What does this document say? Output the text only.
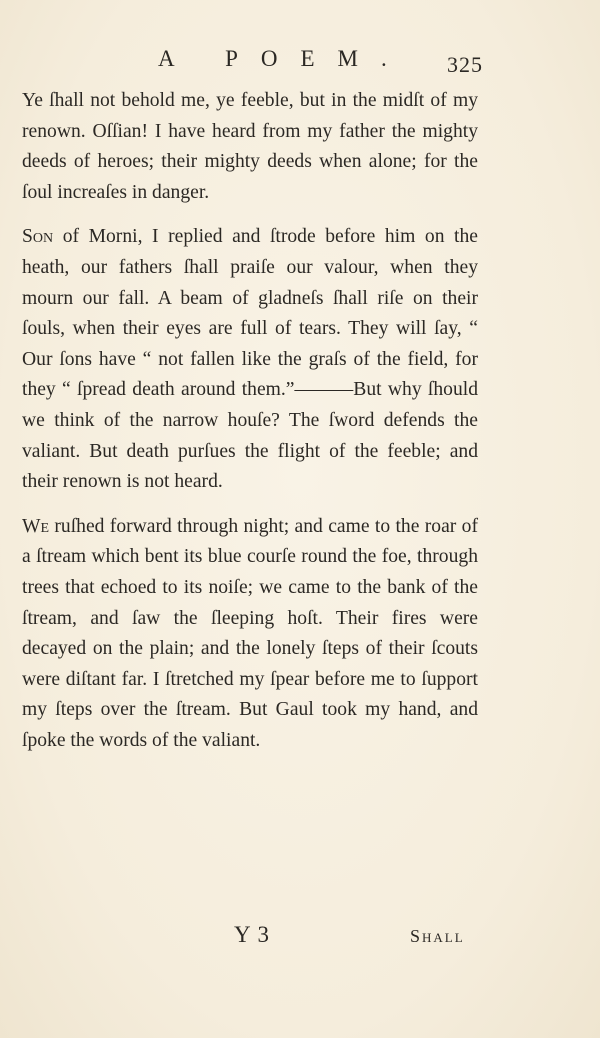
A POEM. 325

Ye ſhall not behold me, ye feeble, but in the midſt of my renown. Oſſian! I have heard from my father the mighty deeds of heroes; their mighty deeds when alone; for the ſoul increaſes in danger.

Son of Morni, I replied and ſtrode before him on the heath, our fathers ſhall praiſe our valour, when they mourn our fall. A beam of gladneſs ſhall riſe on their ſouls, when their eyes are full of tears. They will ſay, “ Our ſons have “ not fallen like the graſs of the field, for they “ ſpread death around them.”———But why ſhould we think of the narrow houſe? The ſword defends the valiant. But death purſues the flight of the feeble; and their renown is not heard.

We ruſhed forward through night; and came to the roar of a ſtream which bent its blue courſe round the foe, through trees that echoed to its noiſe; we came to the bank of the ſtream, and ſaw the ſleeping hoſt. Their fires were decayed on the plain; and the lonely ſteps of their ſcouts were diſtant far. I ſtretched my ſpear before me to ſupport my ſteps over the ſtream. But Gaul took my hand, and ſpoke the words of the valiant.

Y 3	Shall
